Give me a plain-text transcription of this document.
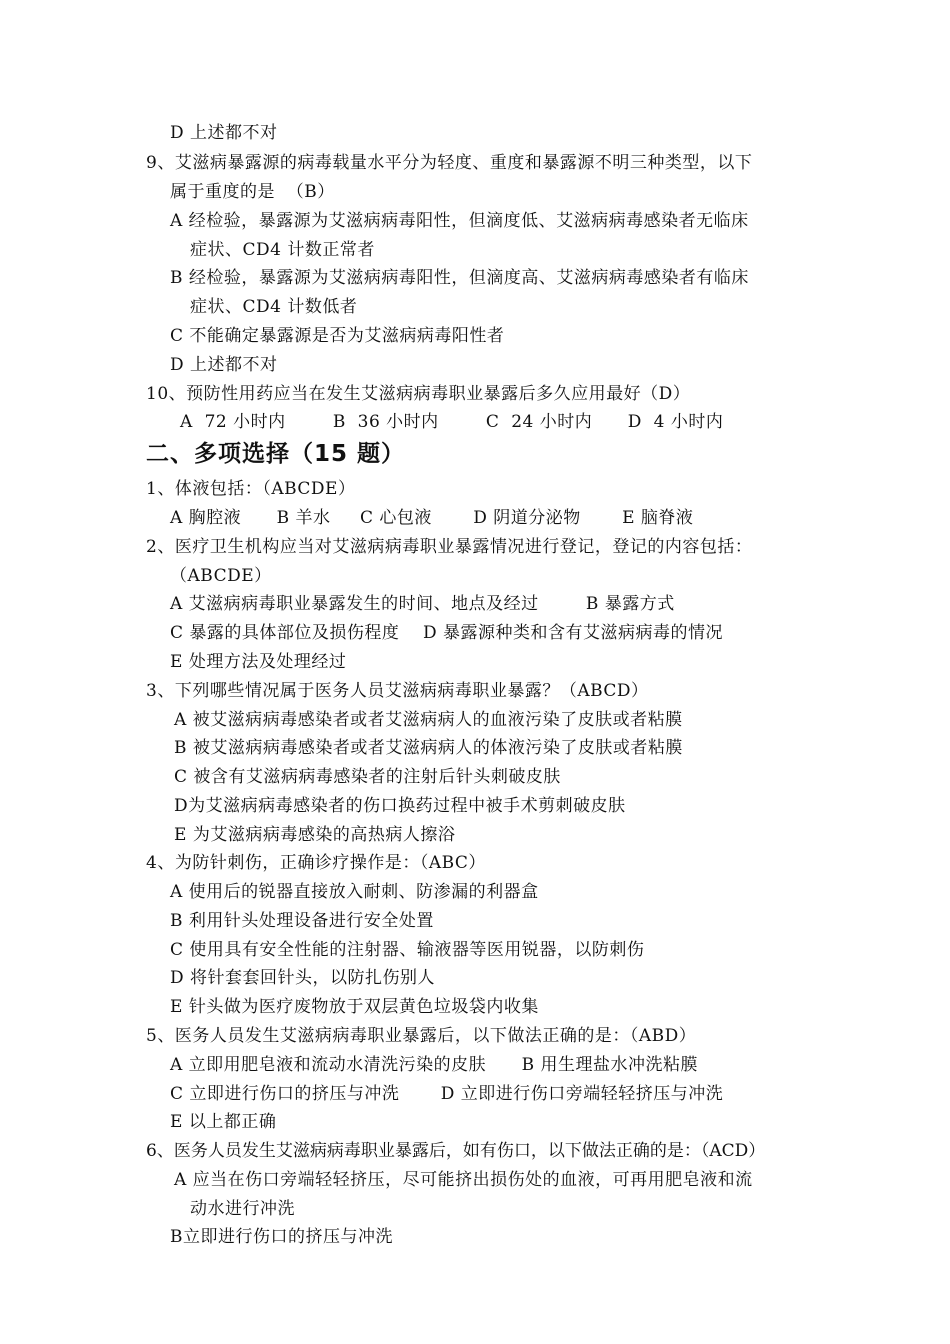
D 上述都不对
9、艾滋病暴露源的病毒载量水平分为轻度、重度和暴露源不明三种类型，以下
属于重度的是  （B）
A 经检验，暴露源为艾滋病病毒阳性，但滴度低、艾滋病病毒感染者无临床
症状、CD4 计数正常者
B 经检验，暴露源为艾滋病病毒阳性，但滴度高、艾滋病病毒感染者有临床
症状、CD4 计数低者
C 不能确定暴露源是否为艾滋病病毒阳性者
D 上述都不对
10、预防性用药应当在发生艾滋病病毒职业暴露后多久应用最好（D）
A  72 小时内        B  36 小时内        C  24 小时内      D  4 小时内
二、多项选择（15 题）
1、体液包括：（ABCDE）
A 胸腔液      B 羊水     C 心包液       D 阴道分泌物       E 脑脊液
2、医疗卫生机构应当对艾滋病病毒职业暴露情况进行登记，登记的内容包括：
（ABCDE）
A 艾滋病病毒职业暴露发生的时间、地点及经过        B 暴露方式
C 暴露的具体部位及损伤程度    D 暴露源种类和含有艾滋病病毒的情况
E 处理方法及处理经过
3、下列哪些情况属于医务人员艾滋病病毒职业暴露？（ABCD）
A 被艾滋病病毒感染者或者艾滋病病人的血液污染了皮肤或者粘膜
B 被艾滋病病毒感染者或者艾滋病病人的体液污染了皮肤或者粘膜
C 被含有艾滋病病毒感染者的注射后针头刺破皮肤
D为艾滋病病毒感染者的伤口换药过程中被手术剪刺破皮肤
E 为艾滋病病毒感染的高热病人擦浴
4、为防针刺伤，正确诊疗操作是：（ABC）
A 使用后的锐器直接放入耐刺、防渗漏的利器盒
B 利用针头处理设备进行安全处置
C 使用具有安全性能的注射器、输液器等医用锐器，以防刺伤
D 将针套套回针头，以防扎伤别人
E 针头做为医疗废物放于双层黄色垃圾袋内收集
5、医务人员发生艾滋病病毒职业暴露后，以下做法正确的是：（ABD）
A 立即用肥皂液和流动水清洗污染的皮肤      B 用生理盐水冲洗粘膜
C 立即进行伤口的挤压与冲洗       D 立即进行伤口旁端轻轻挤压与冲洗
E 以上都正确
6、医务人员发生艾滋病病毒职业暴露后，如有伤口，以下做法正确的是：（ACD）
A 应当在伤口旁端轻轻挤压，尽可能挤出损伤处的血液，可再用肥皂液和流
动水进行冲洗
B立即进行伤口的挤压与冲洗
